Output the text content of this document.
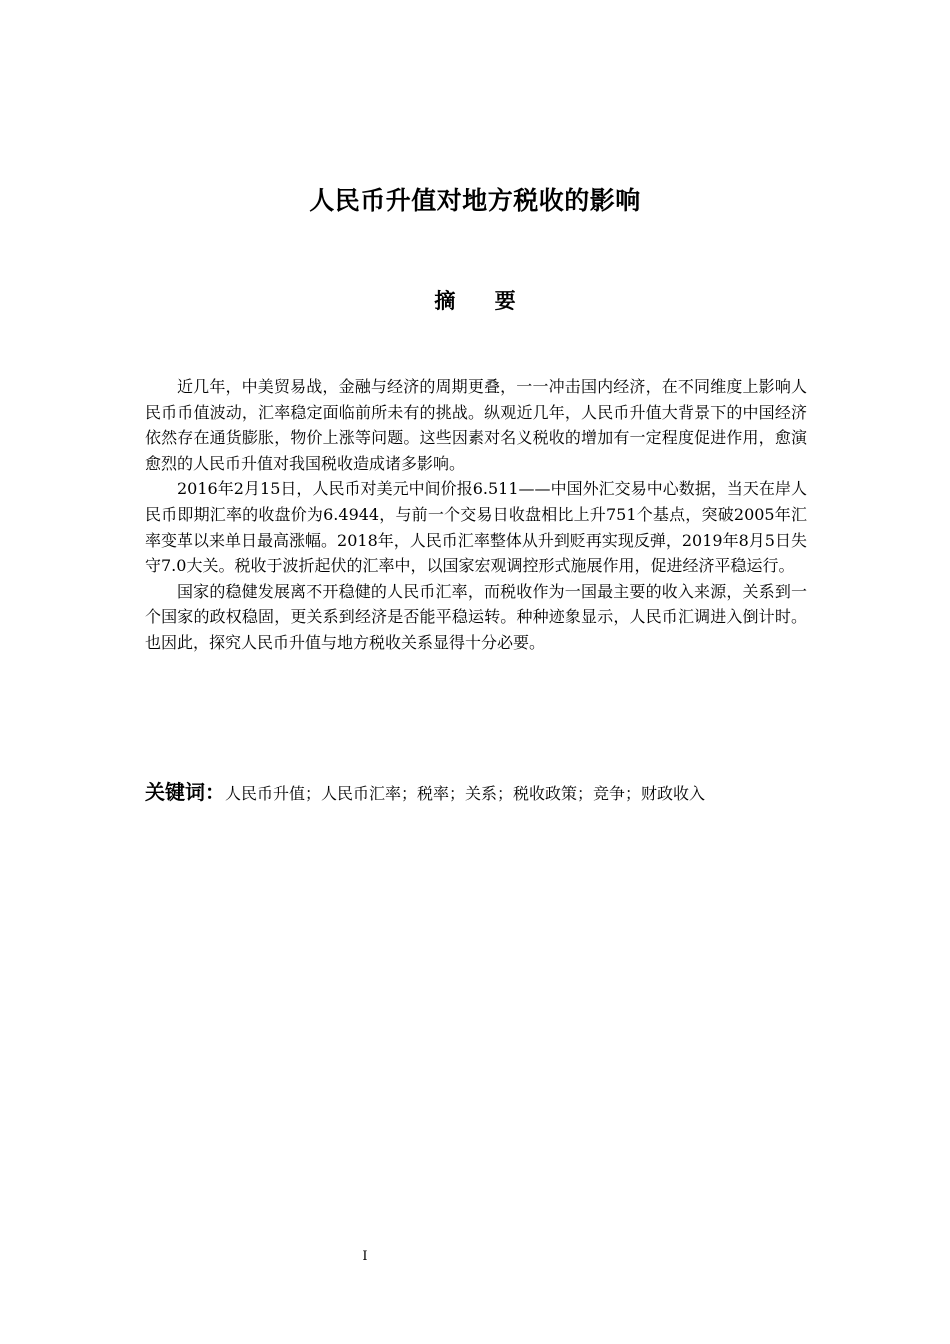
人民币升值对地方税收的影响
摘 要

近几年，中美贸易战，金融与经济的周期更叠，一一冲击国内经济，在不同维度上影响人民币币值波动，汇率稳定面临前所未有的挑战。纵观近几年，人民币升值大背景下的中国经济依然存在通货膨胀，物价上涨等问题。这些因素对名义税收的增加有一定程度促进作用，愈演愈烈的人民币升值对我国税收造成诸多影响。

2016年2月15日，人民币对美元中间价报6.511——中国外汇交易中心数据，当天在岸人民币即期汇率的收盘价为6.4944，与前一个交易日收盘相比上升751个基点，突破2005年汇率变革以来单日最高涨幅。2018年，人民币汇率整体从升到贬再实现反弹，2019年8月5日失守7.0大关。税收于波折起伏的汇率中，以国家宏观调控形式施展作用，促进经济平稳运行。

国家的稳健发展离不开稳健的人民币汇率，而税收作为一国最主要的收入来源，关系到一个国家的政权稳固，更关系到经济是否能平稳运转。种种迹象显示，人民币汇调进入倒计时。也因此，探究人民币升值与地方税收关系显得十分必要。

关键词：人民币升值；人民币汇率；税率；关系；税收政策；竞争；财政收入
I
